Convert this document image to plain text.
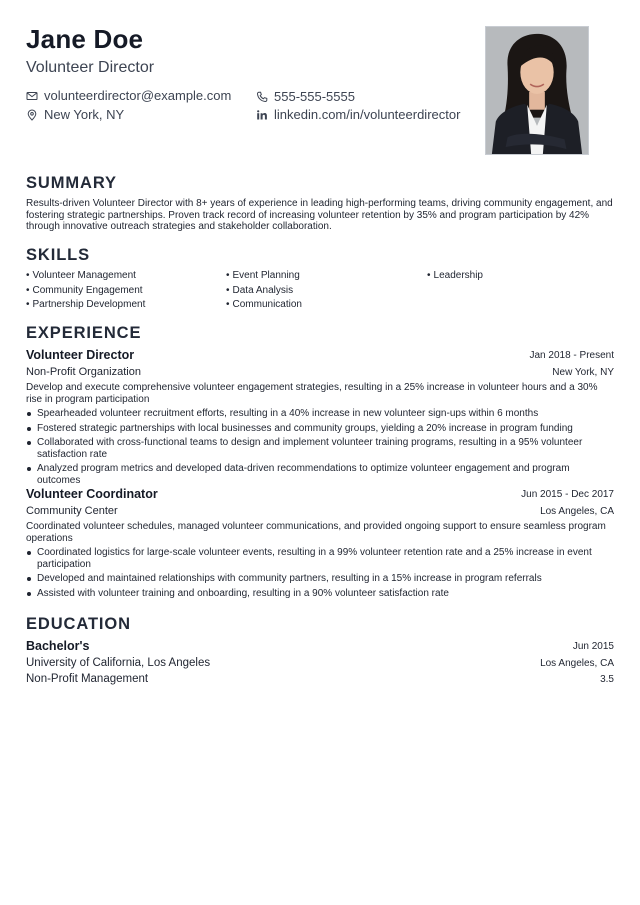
Jane Doe
Volunteer Director
volunteerdirector@example.com	555-555-5555
New York, NY	linkedin.com/in/volunteerdirector
SUMMARY
Results-driven Volunteer Director with 8+ years of experience in leading high-performing teams, driving community engagement, and fostering strategic partnerships. Proven track record of increasing volunteer retention by 35% and program participation by 42% through innovative outreach strategies and stakeholder collaboration.
SKILLS
• Volunteer Management	• Event Planning	• Leadership
• Community Engagement	• Data Analysis
• Partnership Development	• Communication
EXPERIENCE
Volunteer Director	Jan 2018 - Present
Non-Profit Organization	New York, NY
Develop and execute comprehensive volunteer engagement strategies, resulting in a 25% increase in volunteer hours and a 30% rise in program participation
Spearheaded volunteer recruitment efforts, resulting in a 40% increase in new volunteer sign-ups within 6 months
Fostered strategic partnerships with local businesses and community groups, yielding a 20% increase in program funding
Collaborated with cross-functional teams to design and implement volunteer training programs, resulting in a 95% volunteer satisfaction rate
Analyzed program metrics and developed data-driven recommendations to optimize volunteer engagement and program outcomes
Volunteer Coordinator	Jun 2015 - Dec 2017
Community Center	Los Angeles, CA
Coordinated volunteer schedules, managed volunteer communications, and provided ongoing support to ensure seamless program operations
Coordinated logistics for large-scale volunteer events, resulting in a 99% volunteer retention rate and a 25% increase in event participation
Developed and maintained relationships with community partners, resulting in a 15% increase in program referrals
Assisted with volunteer training and onboarding, resulting in a 90% volunteer satisfaction rate
EDUCATION
Bachelor's	Jun 2015
University of California, Los Angeles	Los Angeles, CA
Non-Profit Management	3.5
